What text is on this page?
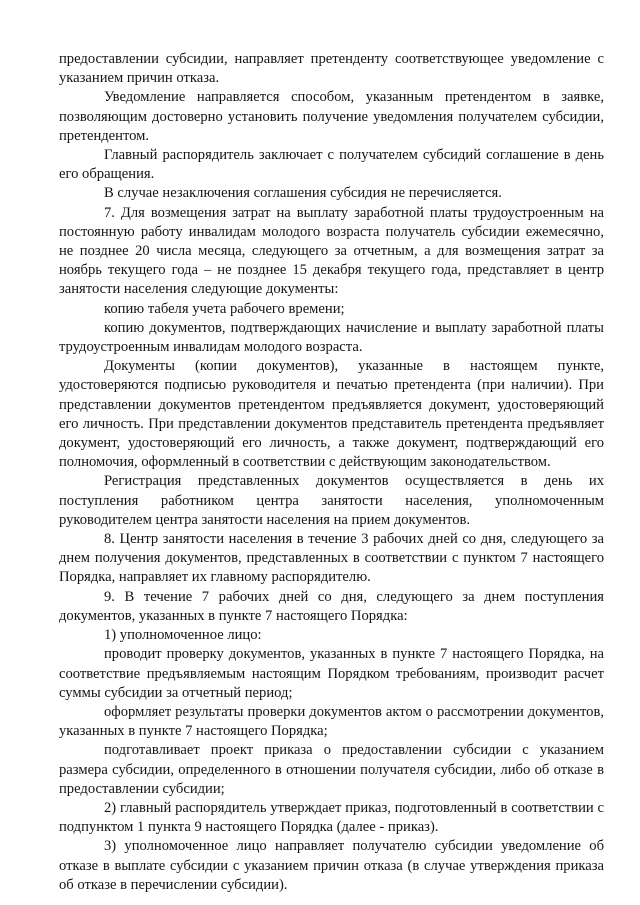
предоставлении субсидии, направляет претенденту соответствующее уведомление с указанием причин отказа.

Уведомление направляется способом, указанным претендентом в заявке, позволяющим достоверно установить получение уведомления получателем субсидии, претендентом.

Главный распорядитель заключает с получателем субсидий соглашение в день его обращения.

В случае незаключения соглашения субсидия не перечисляется.

7. Для возмещения затрат на выплату заработной платы трудоустроенным на постоянную работу инвалидам молодого возраста получатель субсидии ежемесячно, не позднее 20 числа месяца, следующего за отчетным, а для возмещения затрат за ноябрь текущего года – не позднее 15 декабря текущего года, представляет в центр занятости населения следующие документы:

копию табеля учета рабочего времени;

копию документов, подтверждающих начисление и выплату заработной платы трудоустроенным инвалидам молодого возраста.

Документы (копии документов), указанные в настоящем пункте, удостоверяются подписью руководителя и печатью претендента (при наличии). При представлении документов претендентом предъявляется документ, удостоверяющий его личность. При представлении документов представитель претендента предъявляет документ, удостоверяющий его личность, а также документ, подтверждающий его полномочия, оформленный в соответствии с действующим законодательством.

Регистрация представленных документов осуществляется в день их поступления работником центра занятости населения, уполномоченным руководителем центра занятости населения на прием документов.

8. Центр занятости населения в течение 3 рабочих дней со дня, следующего за днем получения документов, представленных в соответствии с пунктом 7 настоящего Порядка, направляет их главному распорядителю.

9. В течение 7 рабочих дней со дня, следующего за днем поступления документов, указанных в пункте 7 настоящего Порядка:

1) уполномоченное лицо:

проводит проверку документов, указанных в пункте 7 настоящего Порядка, на соответствие предъявляемым настоящим Порядком требованиям, производит расчет суммы субсидии за отчетный период;

оформляет результаты проверки документов актом о рассмотрении документов, указанных в пункте 7 настоящего Порядка;

подготавливает проект приказа о предоставлении субсидии с указанием размера субсидии, определенного в отношении получателя субсидии, либо об отказе в предоставлении субсидии;

2) главный распорядитель утверждает приказ, подготовленный в соответствии с подпунктом 1 пункта 9 настоящего Порядка (далее - приказ).

3) уполномоченное лицо направляет получателю субсидии уведомление об отказе в выплате субсидии с указанием причин отказа (в случае утверждения приказа об отказе в перечислении субсидии).
